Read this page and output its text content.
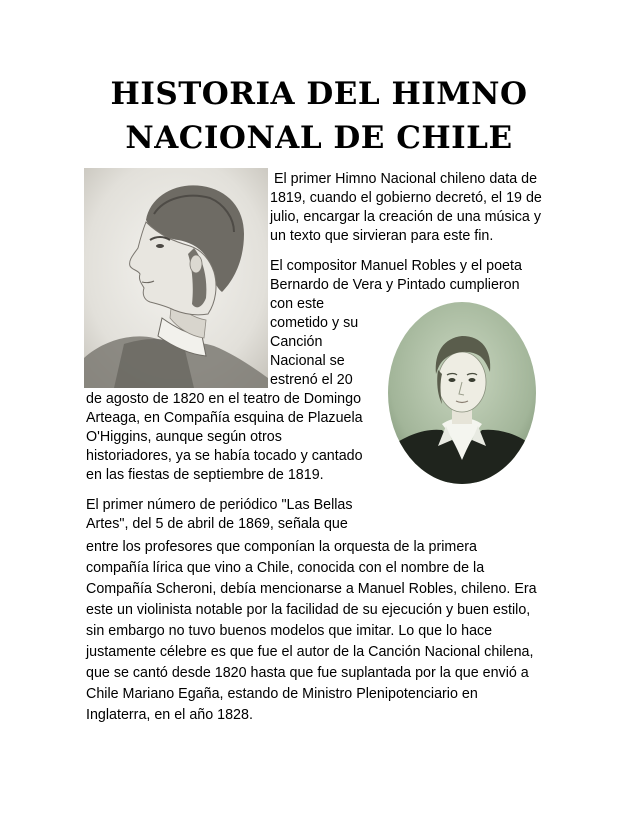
HISTORIA DEL HIMNO
NACIONAL DE CHILE

El primer Himno Nacional chileno data de

1819, cuando el gobierno decretó, el 19 de

julio, encargar la creación de una música y

un texto que sirvieran para este fin.

El compositor Manuel Robles y el poeta

Bernardo de Vera y Pintado cumplieron

con este

cometido y su

Canción

Nacional se

estrenó el 20

de agosto de 1820 en el teatro de Domingo

Arteaga, en Compañía esquina de Plazuela

O'Higgins, aunque según otros

historiadores, ya se había tocado y cantado

en las fiestas de septiembre de 1819.

El primer número de periódico "Las Bellas

Artes", del 5 de abril de 1869, señala que

entre los profesores que componían la orquesta de la primera

compañía lírica que vino a Chile, conocida con el nombre de la

Compañía Scheroni, debía mencionarse a Manuel Robles, chileno. Era

este un violinista notable por la facilidad de su ejecución y buen estilo,

sin embargo no tuvo buenos modelos que imitar. Lo que lo hace

justamente célebre es que fue el autor de la Canción Nacional chilena,

que se cantó desde 1820 hasta que fue suplantada por la que envió a

Chile Mariano Egaña, estando de Ministro Plenipotenciario en

Inglaterra, en el año 1828.
